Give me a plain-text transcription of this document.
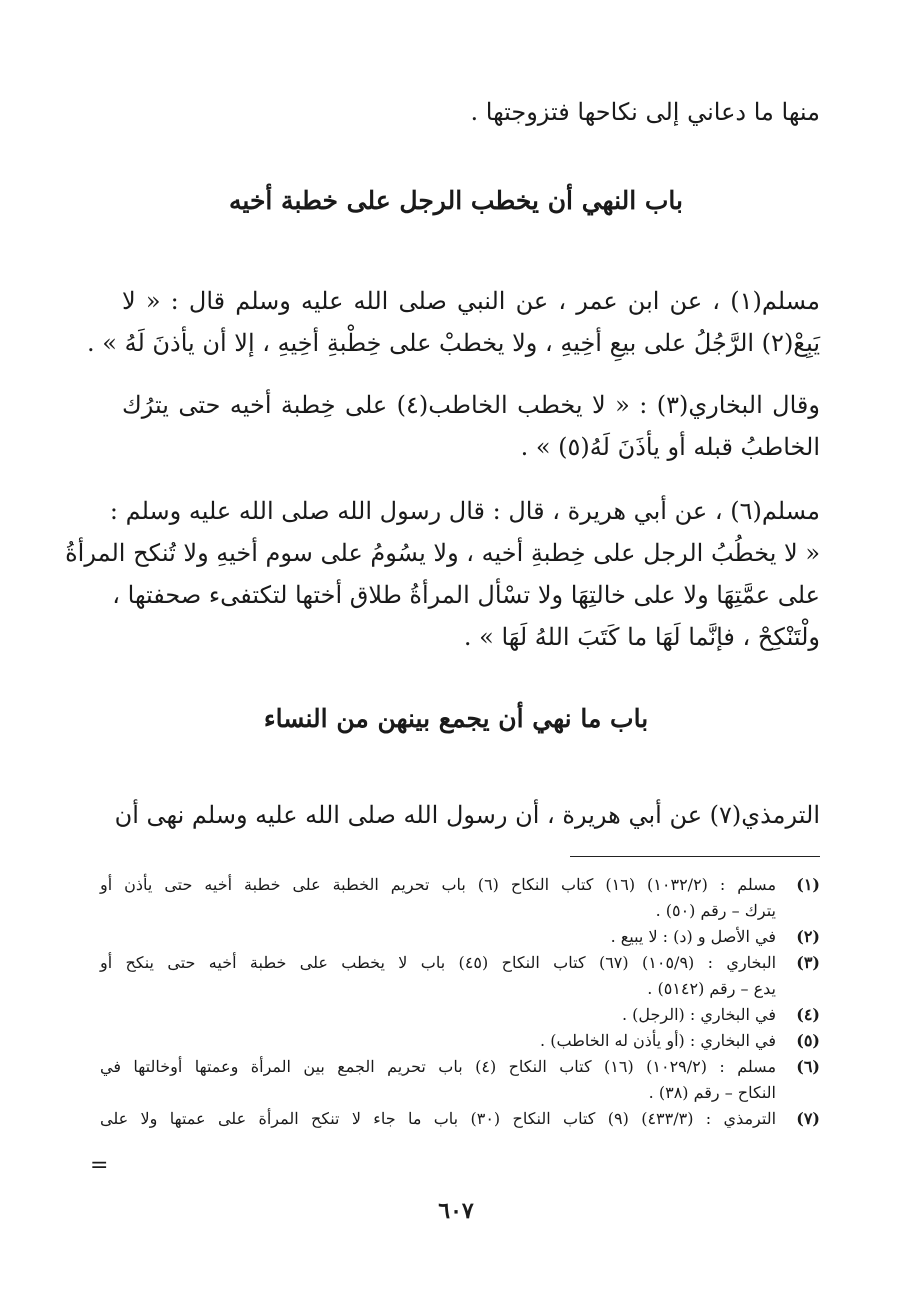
منها ما دعاني إلى نكاحها فتزوجتها .
باب النهي أن يخطب الرجل على خطبة أخيه
مسلم(١) ، عن ابن عمر ، عن النبي صلى الله عليه وسلم قال : « لا
يَبِعْ(٢) الرَّجُلُ على بيعِ أخِيهِ ، ولا يخطبْ على خِطْبةِ أخِيهِ ، إلا أن يأذنَ لَهُ » .
وقال البخاري(٣) : « لا يخطب الخاطب(٤) على خِطبة أخيه حتى يترُك
الخاطبُ قبله أو يأذَنَ لَهُ(٥) » .
مسلم(٦) ، عن أبي هريرة ، قال : قال رسول الله صلى الله عليه وسلم :
« لا يخطُبُ الرجل على خِطبةِ أخيه ، ولا يسُومُ على سوم أخيهِ ولا تُنكح المرأةُ
على عمَّتِهَا ولا على خالتِهَا ولا تسْأل المرأةُ طلاق أختها لتكتفىء صحفتها ،
ولْتَنْكِحْ ، فإنَّما لَهَا ما كَتَبَ اللهُ لَهَا » .
باب ما نهي أن يجمع بينهن من النساء
الترمذي(٧) عن أبي هريرة ، أن رسول الله صلى الله عليه وسلم نهى أن
(١)
مسلم : (١٠٣٢/٢) (١٦) كتاب النكاح (٦) باب تحريم الخطبة على خطبة أخيه حتى يأذن أو
يترك – رقم (٥٠) .
(٢)
في الأصل و (د) : لا يبيع .
(٣)
البخاري : (١٠٥/٩) (٦٧) كتاب النكاح (٤٥) باب لا يخطب على خطبة أخيه حتى ينكح أو
يدع – رقم (٥١٤٢) .
(٤)
في البخاري : (الرجل) .
(٥)
في البخاري : (أو يأذن له الخاطب) .
(٦)
مسلم : (١٠٢٩/٢) (١٦) كتاب النكاح (٤) باب تحريم الجمع بين المرأة وعمتها أوخالتها في
النكاح – رقم (٣٨) .
(٧)
الترمذي : (٤٣٣/٣) (٩) كتاب النكاح (٣٠) باب ما جاء لا تنكح المرأة على عمتها ولا على
=
٦٠٧
